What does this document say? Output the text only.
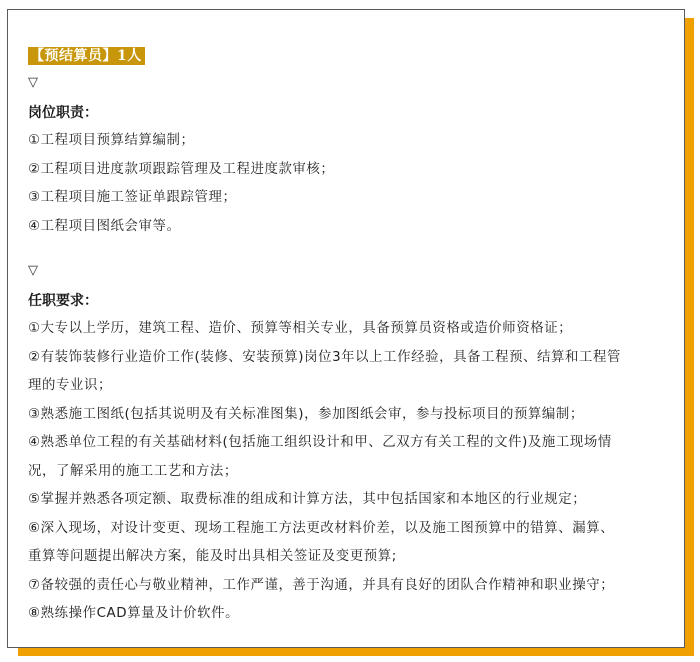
【预结算员】1人
▽
岗位职责：
①工程项目预算结算编制；
②工程项目进度款项跟踪管理及工程进度款审核；
③工程项目施工签证单跟踪管理；
④工程项目图纸会审等。
▽
任职要求：
①大专以上学历，建筑工程、造价、预算等相关专业，具备预算员资格或造价师资格证；
②有装饰装修行业造价工作(装修、安装预算)岗位3年以上工作经验，具备工程预、结算和工程管
理的专业识；
③熟悉施工图纸(包括其说明及有关标准图集)，参加图纸会审，参与投标项目的预算编制；
④熟悉单位工程的有关基础材料(包括施工组织设计和甲、乙双方有关工程的文件)及施工现场情
况，了解采用的施工工艺和方法；
⑤掌握并熟悉各项定额、取费标准的组成和计算方法，其中包括国家和本地区的行业规定；
⑥深入现场，对设计变更、现场工程施工方法更改材料价差，以及施工图预算中的错算、漏算、
重算等问题提出解决方案，能及时出具相关签证及变更预算;
⑦备较强的责任心与敬业精神，工作严谨，善于沟通，并具有良好的团队合作精神和职业操守；
⑧熟练操作CAD算量及计价软件。
